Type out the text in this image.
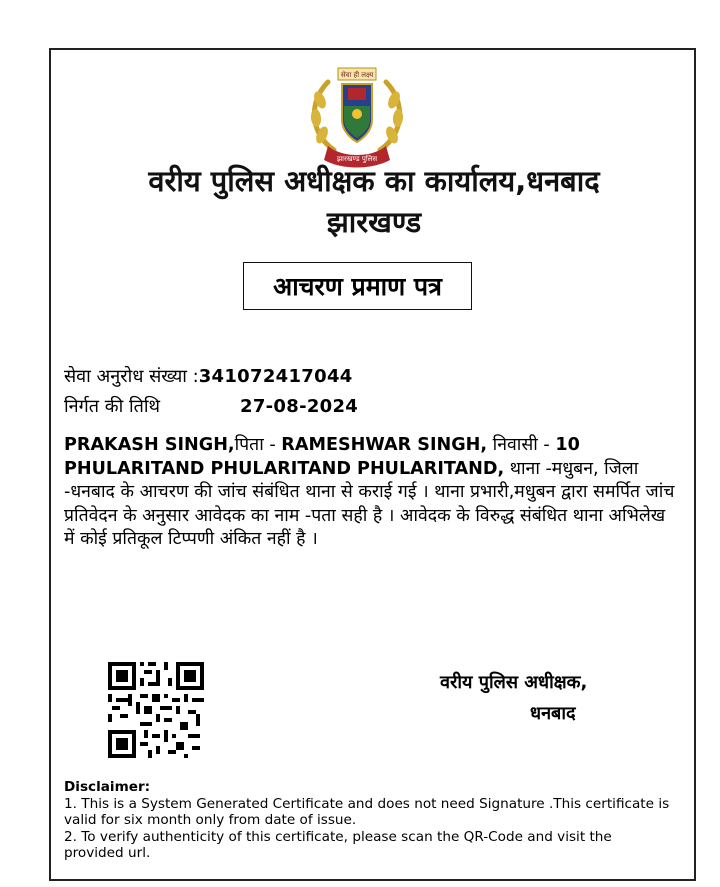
सेवा ही लक्ष्य
झारखण्ड पुलिस
वरीय पुलिस अधीक्षक का कार्यालय,धनबाद
झारखण्ड
आचरण प्रमाण पत्र
सेवा अनुरोध संख्या :341072417044
निर्गत की तिथि	27-08-2024
PRAKASH SINGH,पिता - RAMESHWAR SINGH, निवासी - 10 PHULARITAND PHULARITAND PHULARITAND, थाना -मधुबन, जिला -धनबाद के आचरण की जांच संबंधित थाना से कराई गई । थाना प्रभारी,मधुबन द्वारा समर्पित जांच प्रतिवेदन के अनुसार आवेदक का नाम -पता सही है । आवेदक के विरुद्ध संबंधित थाना अभिलेख में कोई प्रतिकूल टिप्पणी अंकित नहीं है ।
वरीय पुलिस अधीक्षक,
धनबाद
Disclaimer:
1. This is a System Generated Certificate and does not need Signature .This certificate is valid for six month only from date of issue.
2. To verify authenticity of this certificate, please scan the QR-Code and visit the provided url.
